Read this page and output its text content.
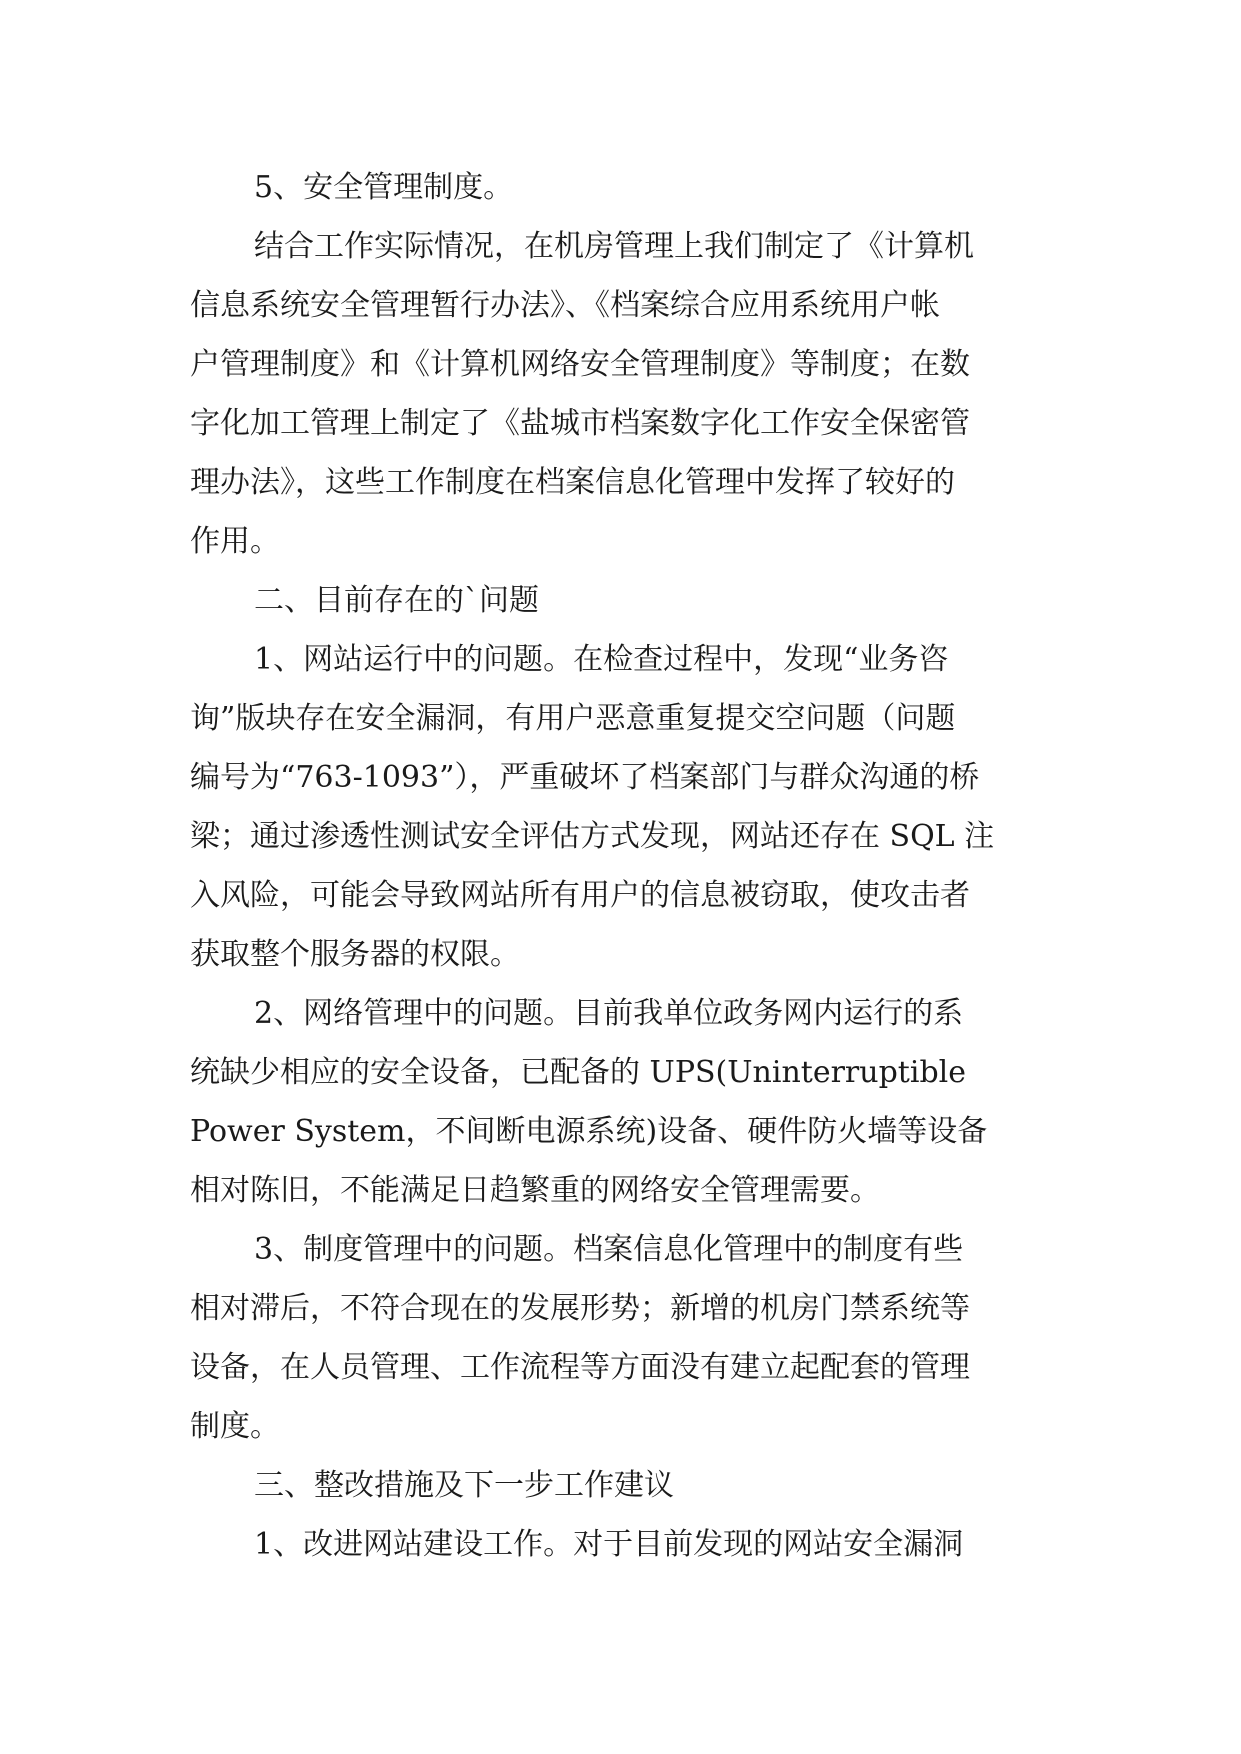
5、安全管理制度。
结合工作实际情况，在机房管理上我们制定了《计算机
信息系统安全管理暂行办法》、《档案综合应用系统用户帐
户管理制度》和《计算机网络安全管理制度》等制度；在数
字化加工管理上制定了《盐城市档案数字化工作安全保密管
理办法》，这些工作制度在档案信息化管理中发挥了较好的
作用。
二、目前存在的`问题
1、网站运行中的问题。在检查过程中，发现“业务咨
询”版块存在安全漏洞，有用户恶意重复提交空问题（问题
编号为“763-1093”），严重破坏了档案部门与群众沟通的桥
梁；通过渗透性测试安全评估方式发现，网站还存在 SQL 注
入风险，可能会导致网站所有用户的信息被窃取，使攻击者
获取整个服务器的权限。
2、网络管理中的问题。目前我单位政务网内运行的系
统缺少相应的安全设备，已配备的 UPS(Uninterruptible
Power System，不间断电源系统)设备、硬件防火墙等设备
相对陈旧，不能满足日趋繁重的网络安全管理需要。
3、制度管理中的问题。档案信息化管理中的制度有些
相对滞后，不符合现在的发展形势；新增的机房门禁系统等
设备，在人员管理、工作流程等方面没有建立起配套的管理
制度。
三、整改措施及下一步工作建议
1、改进网站建设工作。对于目前发现的网站安全漏洞
